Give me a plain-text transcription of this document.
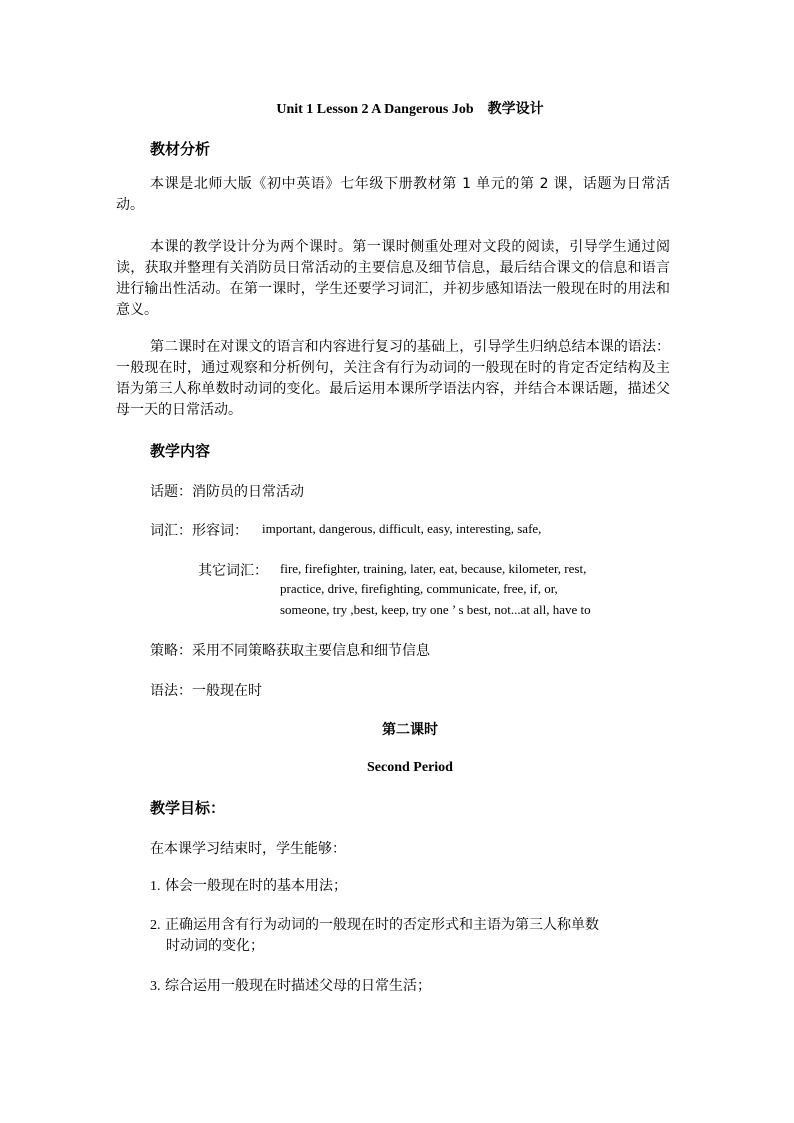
Unit 1 Lesson 2 A Dangerous Job　教学设计
教材分析
本课是北师大版《初中英语》七年级下册教材第 1 单元的第 2 课，话题为日常活动。
本课的教学设计分为两个课时。第一课时侧重处理对文段的阅读，引导学生通过阅读，获取并整理有关消防员日常活动的主要信息及细节信息，最后结合课文的信息和语言进行输出性活动。在第一课时，学生还要学习词汇，并初步感知语法一般现在时的用法和意义。
第二课时在对课文的语言和内容进行复习的基础上，引导学生归纳总结本课的语法：一般现在时，通过观察和分析例句，关注含有行为动词的一般现在时的肯定否定结构及主语为第三人称单数时动词的变化。最后运用本课所学语法内容，并结合本课话题，描述父母一天的日常活动。
教学内容
话题：消防员的日常活动
词汇：形容词： important, dangerous, difficult, easy, interesting, safe,
其它词汇： fire, firefighter, training, later, eat, because, kilometer, rest,
practice, drive, firefighting, communicate, free, if, or,
someone, try ,best, keep, try one ’ s best, not...at all, have to
策略：采用不同策略获取主要信息和细节信息
语法：一般现在时
第二课时
Second Period
教学目标：
在本课学习结束时，学生能够：
1. 体会一般现在时的基本用法；
2. 正确运用含有行为动词的一般现在时的否定形式和主语为第三人称单数
时动词的变化；
3. 综合运用一般现在时描述父母的日常生活；
